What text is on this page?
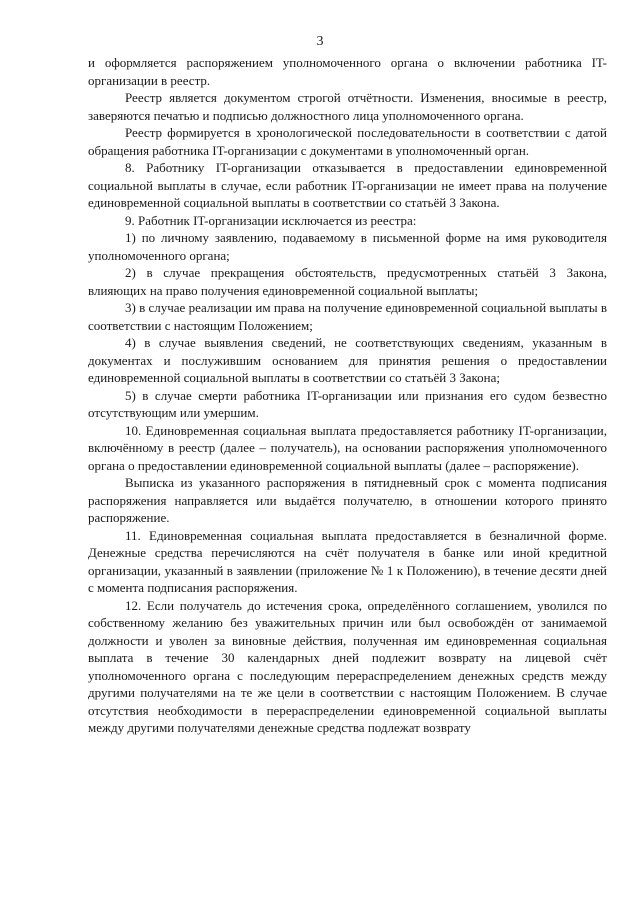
3

и оформляется распоряжением уполномоченного органа о включении работника IT-организации в реестр.

Реестр является документом строгой отчётности. Изменения, вносимые в реестр, заверяются печатью и подписью должностного лица уполномоченного органа.

Реестр формируется в хронологической последовательности в соответствии с датой обращения работника IT-организации с документами в уполномоченный орган.

8. Работнику IT-организации отказывается в предоставлении единовременной социальной выплаты в случае, если работник IT-организации не имеет права на получение единовременной социальной выплаты в соответствии со статьёй 3 Закона.

9. Работник IT-организации исключается из реестра:

1) по личному заявлению, подаваемому в письменной форме на имя руководителя уполномоченного органа;

2) в случае прекращения обстоятельств, предусмотренных статьёй 3 Закона, влияющих на право получения единовременной социальной выплаты;

3) в случае реализации им права на получение единовременной социальной выплаты в соответствии с настоящим Положением;

4) в случае выявления сведений, не соответствующих сведениям, указанным в документах и послужившим основанием для принятия решения о предоставлении единовременной социальной выплаты в соответствии со статьёй 3 Закона;

5) в случае смерти работника IT-организации или признания его судом безвестно отсутствующим или умершим.

10. Единовременная социальная выплата предоставляется работнику IT-организации, включённому в реестр (далее – получатель), на основании распоряжения уполномоченного органа о предоставлении единовременной социальной выплаты (далее – распоряжение).

Выписка из указанного распоряжения в пятидневный срок с момента подписания распоряжения направляется или выдаётся получателю, в отношении которого принято распоряжение.

11. Единовременная социальная выплата предоставляется в безналичной форме. Денежные средства перечисляются на счёт получателя в банке или иной кредитной организации, указанный в заявлении (приложение № 1 к Положению), в течение десяти дней с момента подписания распоряжения.

12. Если получатель до истечения срока, определённого соглашением, уволился по собственному желанию без уважительных причин или был освобождён от занимаемой должности и уволен за виновные действия, полученная им единовременная социальная выплата в течение 30 календарных дней подлежит возврату на лицевой счёт уполномоченного органа с последующим перераспределением денежных средств между другими получателями на те же цели в соответствии с настоящим Положением. В случае отсутствия необходимости в перераспределении единовременной социальной выплаты между другими получателями денежные средства подлежат возврату
